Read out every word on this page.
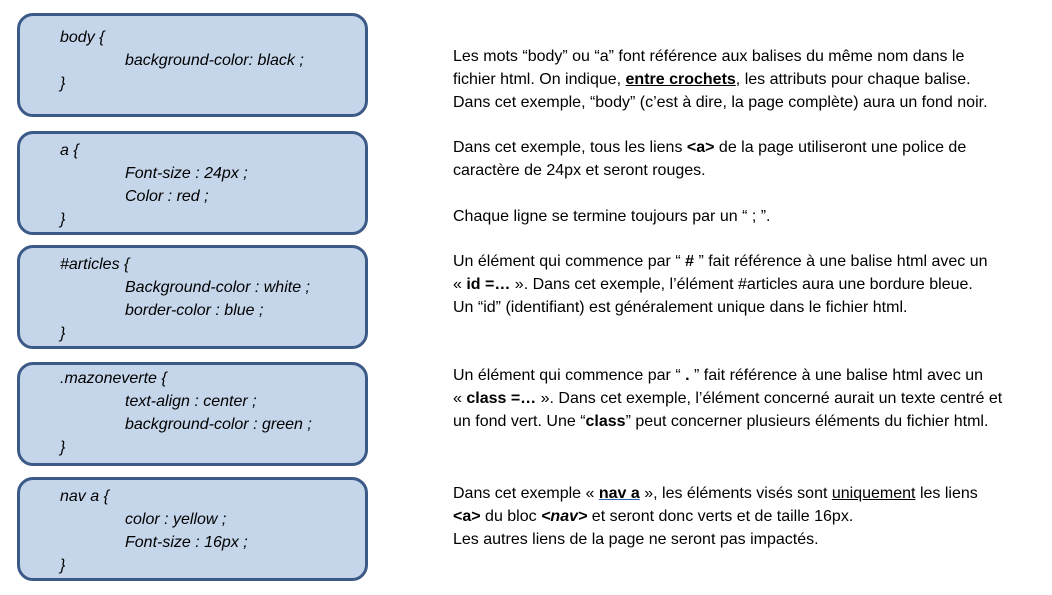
body {
background-color: black ;
}

Les mots “body” ou “a” font référence aux balises du même nom dans le

fichier html. On indique, entre crochets, les attributs pour chaque balise.

Dans cet exemple, “body” (c’est à dire, la page complète) aura un fond noir.

a {
Font-size : 24px ;
Color : red ;
}

Dans cet exemple, tous les liens <a> de la page utiliseront une police de

caractère de 24px et seront rouges.

Chaque ligne se termine toujours par un “ ; ”.

#articles {
Background-color : white ;
border-color : blue ;
}

Un élément qui commence par “ # ” fait référence à une balise html avec un

« id =… ». Dans cet exemple, l’élément #articles aura une bordure bleue.

Un “id” (identifiant) est généralement unique dans le fichier html.

.mazoneverte {
text-align : center ;
background-color : green ;
}

Un élément qui commence par “ . ” fait référence à une balise html avec un

« class =… ». Dans cet exemple, l’élément concerné aurait un texte centré et

un fond vert. Une “class” peut concerner plusieurs éléments du fichier html.

nav a {
color : yellow ;
Font-size : 16px ;
}

Dans cet exemple « nav a », les éléments visés sont uniquement les liens

<a> du bloc <nav> et seront donc verts et de taille 16px.

Les autres liens de la page ne seront pas impactés.
